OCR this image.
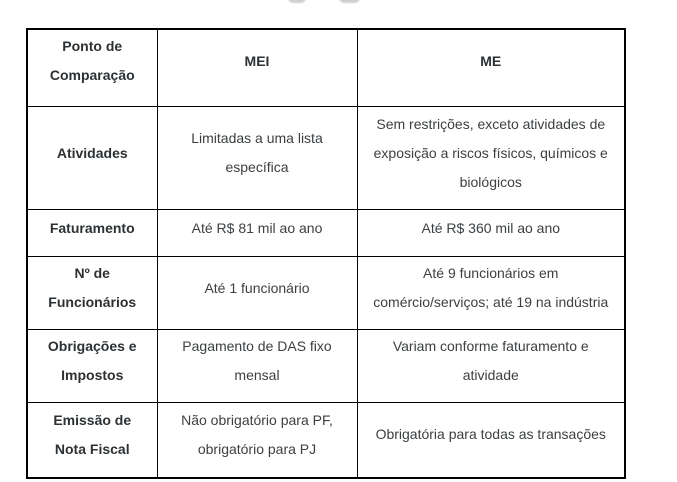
Ponto de Comparação	MEI	ME
Atividades	Limitadas a uma lista específica	Sem restrições, exceto atividades de exposição a riscos físicos, químicos e biológicos
Faturamento	Até R$ 81 mil ao ano	Até R$ 360 mil ao ano
Nº de Funcionários	Até 1 funcionário	Até 9 funcionários em comércio/serviços; até 19 na indústria
Obrigações e Impostos	Pagamento de DAS fixo mensal	Variam conforme faturamento e atividade
Emissão de Nota Fiscal	Não obrigatório para PF, obrigatório para PJ	Obrigatória para todas as transações
